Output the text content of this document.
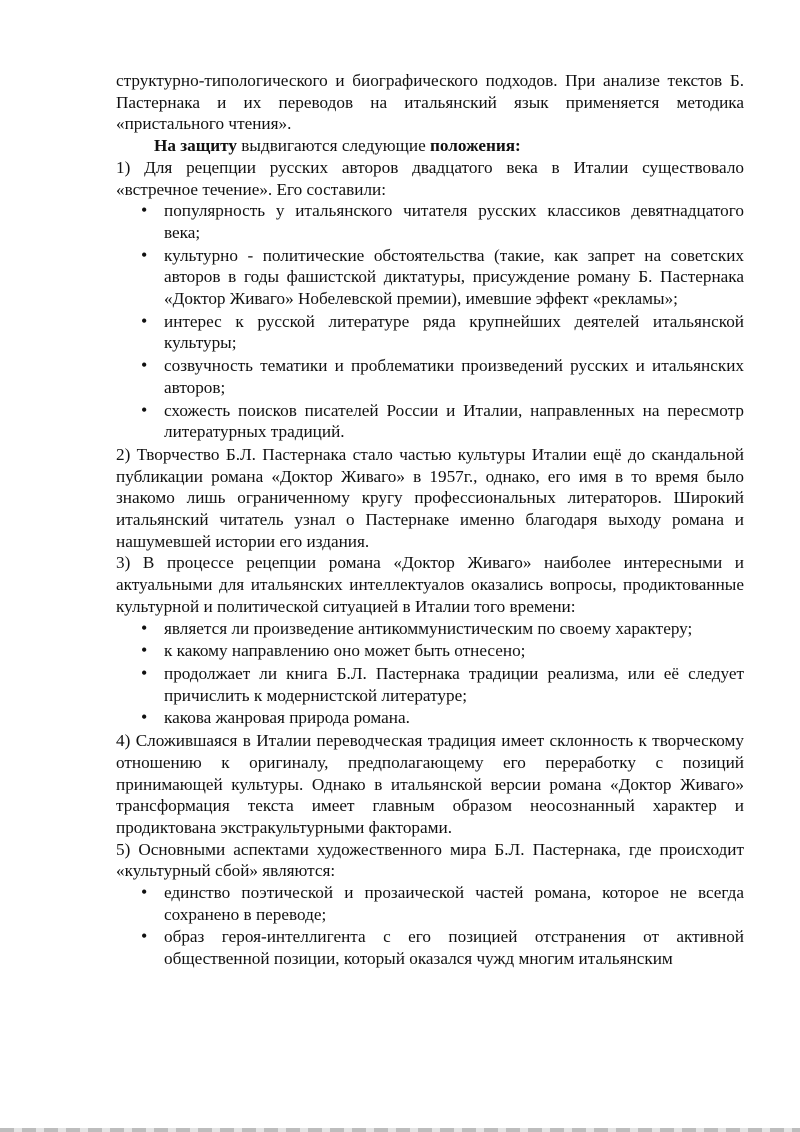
структурно-типологического и биографического подходов. При анализе текстов Б. Пастернака и их переводов на итальянский язык применяется методика «пристального чтения».

На защиту выдвигаются следующие положения:

1) Для рецепции русских авторов двадцатого века в Италии существовало «встречное течение». Его составили:

• популярность у итальянского читателя русских классиков девятнадцатого века;
• культурно - политические обстоятельства (такие, как запрет на советских авторов в годы фашистской диктатуры, присуждение роману Б. Пастернака «Доктор Живаго» Нобелевской премии), имевшие эффект «рекламы»;
• интерес к русской литературе ряда крупнейших деятелей итальянской культуры;
• созвучность тематики и проблематики произведений русских и итальянских авторов;
• схожесть поисков писателей России и Италии, направленных на пересмотр литературных традиций.

2) Творчество Б.Л. Пастернака стало частью культуры Италии ещё до скандальной публикации романа «Доктор Живаго» в 1957г., однако, его имя в то время было знакомо лишь ограниченному кругу профессиональных литераторов. Широкий итальянский читатель узнал о Пастернаке именно благодаря выходу романа и нашумевшей истории его издания.

3) В процессе рецепции романа «Доктор Живаго» наиболее интересными и актуальными для итальянских интеллектуалов оказались вопросы, продиктованные культурной и политической ситуацией в Италии того времени:

• является ли произведение антикоммунистическим по своему характеру;
• к какому направлению оно может быть отнесено;
• продолжает ли книга Б.Л. Пастернака традиции реализма, или её следует причислить к модернистской литературе;
• какова жанровая природа романа.

4) Сложившаяся в Италии переводческая традиция имеет склонность к творческому отношению к оригиналу, предполагающему его переработку с позиций принимающей культуры. Однако в итальянской версии романа «Доктор Живаго» трансформация текста имеет главным образом неосознанный характер и продиктована экстракультурными факторами.

5) Основными аспектами художественного мира Б.Л. Пастернака, где происходит «культурный сбой» являются:

• единство поэтической и прозаической частей романа, которое не всегда сохранено в переводе;
• образ героя-интеллигента с его позицией отстранения от активной общественной позиции, который оказался чужд многим итальянским
